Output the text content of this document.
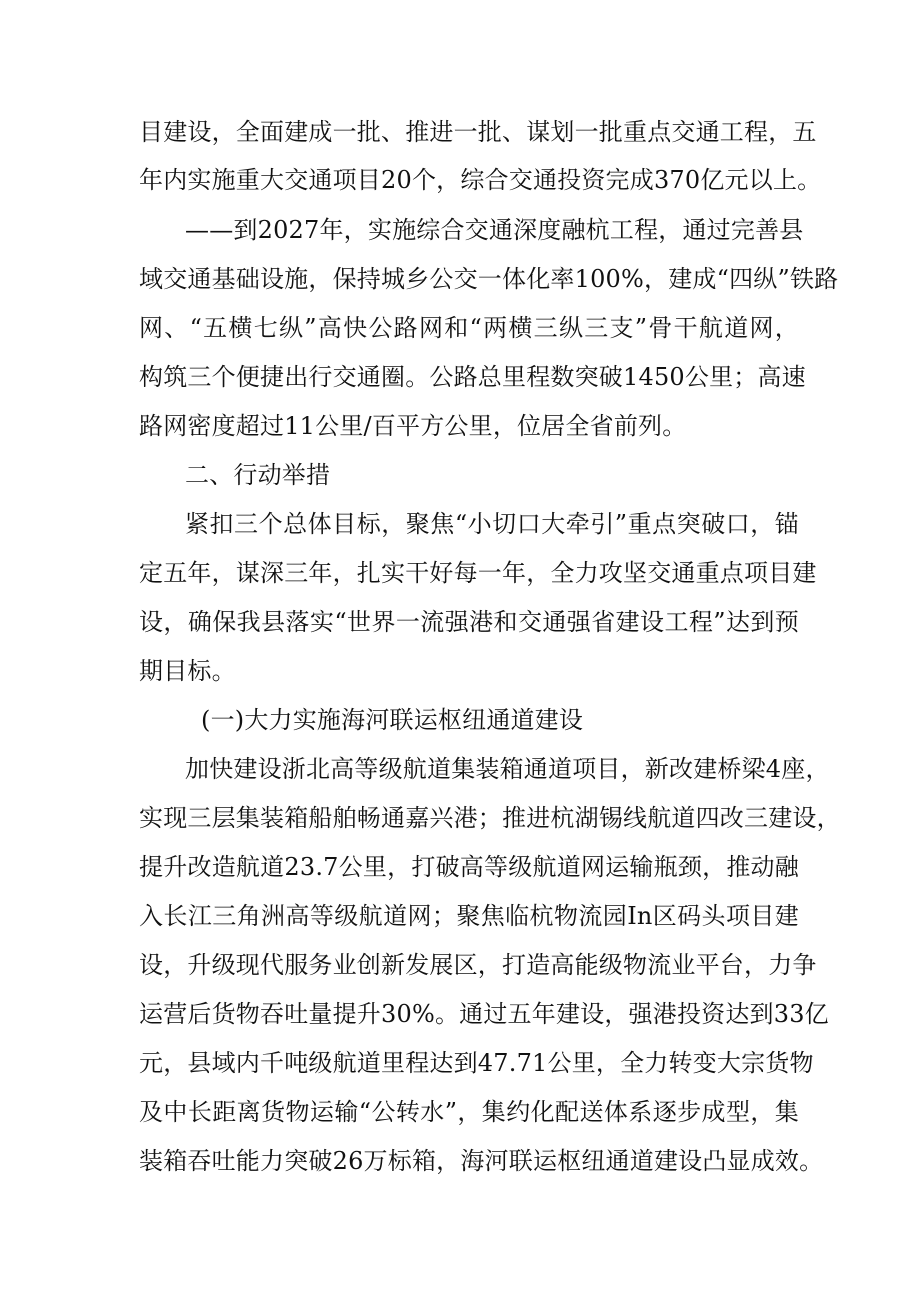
目建设，全面建成一批、推进一批、谋划一批重点交通工程，五
年内实施重大交通项目20个，综合交通投资完成370亿元以上。
——到2027年，实施综合交通深度融杭工程，通过完善县
域交通基础设施，保持城乡公交一体化率100%，建成“四纵”铁路
网、“五横七纵”高快公路网和“两横三纵三支”骨干航道网，
构筑三个便捷出行交通圈。公路总里程数突破1450公里；高速
路网密度超过11公里/百平方公里，位居全省前列。
二、行动举措
紧扣三个总体目标，聚焦“小切口大牵引”重点突破口，锚
定五年，谋深三年，扎实干好每一年，全力攻坚交通重点项目建
设，确保我县落实“世界一流强港和交通强省建设工程”达到预
期目标。
(一)大力实施海河联运枢纽通道建设
加快建设浙北高等级航道集装箱通道项目，新改建桥梁4座，
实现三层集装箱船舶畅通嘉兴港；推进杭湖锡线航道四改三建设，
提升改造航道23.7公里，打破高等级航道网运输瓶颈，推动融
入长江三角洲高等级航道网；聚焦临杭物流园In区码头项目建
设，升级现代服务业创新发展区，打造高能级物流业平台，力争
运营后货物吞吐量提升30%。通过五年建设，强港投资达到33亿
元，县域内千吨级航道里程达到47.71公里，全力转变大宗货物
及中长距离货物运输“公转水”，集约化配送体系逐步成型，集
装箱吞吐能力突破26万标箱，海河联运枢纽通道建设凸显成效。
